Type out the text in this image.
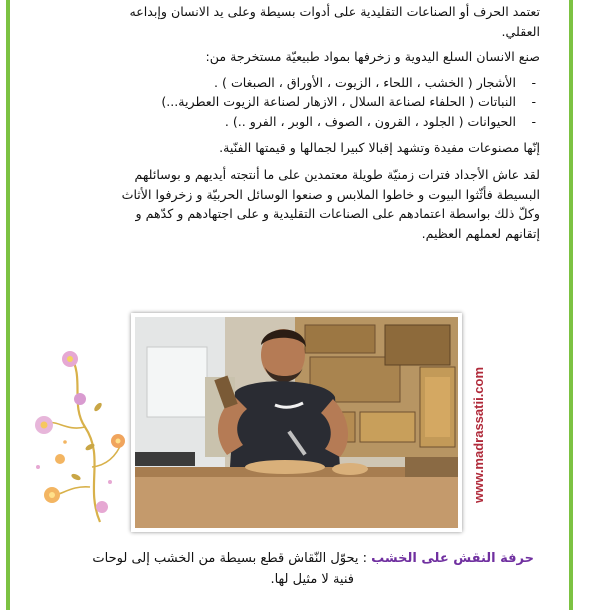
تعتمد الحرف أو الصناعات التقليدية على أدوات بسيطة وعلى يد الانسان وإبداعه
العقلي.

صنع الانسان السلع اليدوية و زخرفها بمواد طبيعيّة مستخرجة من:

-
الأشجار ( الخشب ، اللحاء ، الزيوت ، الأوراق ، الصبغات ) .
-
النباتات ( الحلفاء لصناعة السلال ، الازهار لصناعة الزيوت العطرية...)
-
الحيوانات ( الجلود ، القرون ، الصوف ، الوبر ، الفرو ..) .

إنّها مصنوعات مفيدة وتشهد إقبالا كبيرا لجمالها و قيمتها الفنّية.

لقد عاش الأجداد فترات زمنيّة طويلة معتمدين على ما أنتجته أيديهم و بوسائلهم
البسيطة فأثّثوا البيوت و خاطوا الملابس و صنعوا الوسائل الحربيّة و زخرفوا الأثاث
وكلّ ذلك بواسطة اعتمادهم على الصناعات التقليدية و على اجتهادهم و كدّهم و
إتقانهم لعملهم العظيم.

www.madrassatii.com
حرفة النقش على الخشب : يحوّل النّقاش قطع بسيطة من الخشب إلى لوحات
فنية لا مثيل لها.
